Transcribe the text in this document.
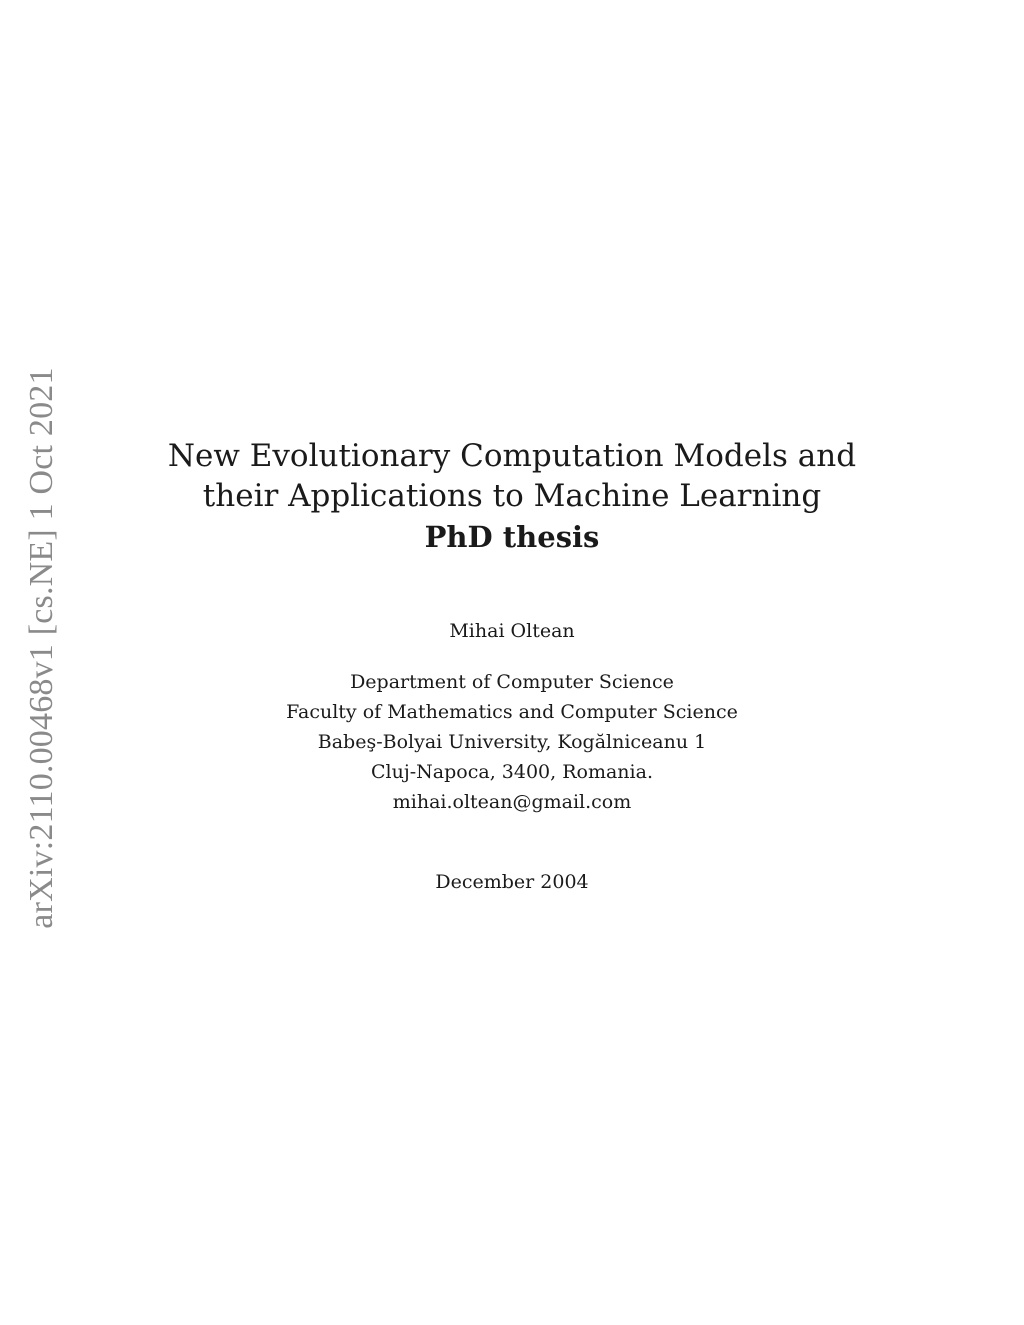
arXiv:2110.00468v1 [cs.NE] 1 Oct 2021	New Evolutionary Computation Models and
their Applications to Machine Learning
PhD thesis
Mihai Oltean
Department of Computer Science
Faculty of Mathematics and Computer Science
Babeş-Bolyai University, Kogălniceanu 1
Cluj-Napoca, 3400, Romania.
mihai.oltean@gmail.com
December 2004
